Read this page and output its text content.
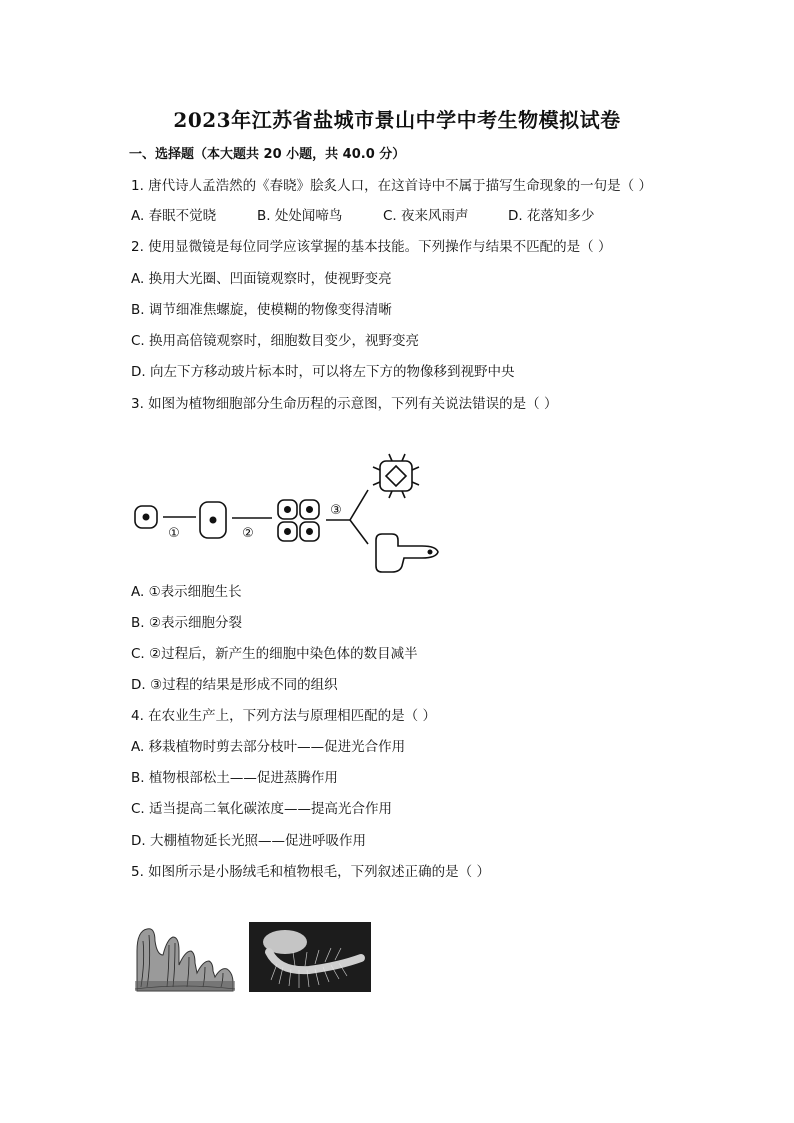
2023年江苏省盐城市景山中学中考生物模拟试卷
一、选择题（本大题共 20 小题，共 40.0 分）
1. 唐代诗人孟浩然的《春晓》脍炙人口，在这首诗中不属于描写生命现象的一句是（ ）
A. 春眠不觉晓	B. 处处闻啼鸟	C. 夜来风雨声	D. 花落知多少
2. 使用显微镜是每位同学应该掌握的基本技能。下列操作与结果不匹配的是（ ）
A. 换用大光圈、凹面镜观察时，使视野变亮
B. 调节细准焦螺旋，使模糊的物像变得清晰
C. 换用高倍镜观察时，细胞数目变少，视野变亮
D. 向左下方移动玻片标本时，可以将左下方的物像移到视野中央
3. 如图为植物细胞部分生命历程的示意图，下列有关说法错误的是（ ）
①	②
③
A. ①表示细胞生长
B. ②表示细胞分裂
C. ②过程后，新产生的细胞中染色体的数目减半
D. ③过程的结果是形成不同的组织
4. 在农业生产上，下列方法与原理相匹配的是（ ）
A. 移栽植物时剪去部分枝叶——促进光合作用
B. 植物根部松土——促进蒸腾作用
C. 适当提高二氧化碳浓度——提高光合作用
D. 大棚植物延长光照——促进呼吸作用
5. 如图所示是小肠绒毛和植物根毛，下列叙述正确的是（ ）
